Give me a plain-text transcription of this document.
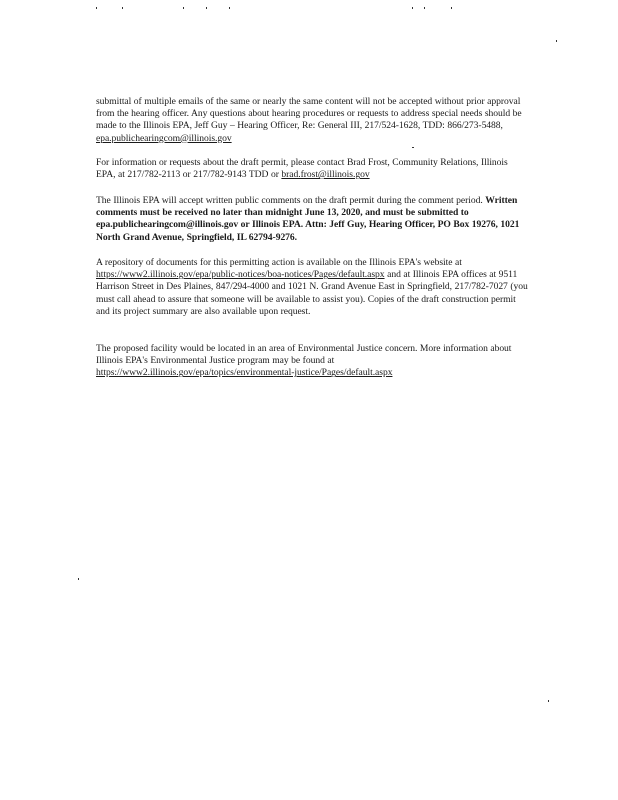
submittal of multiple emails of the same or nearly the same content will not be accepted without prior approval from the hearing officer. Any questions about hearing procedures or requests to address special needs should be made to the Illinois EPA, Jeff Guy – Hearing Officer, Re: General III, 217/524-1628, TDD: 866/273-5488, epa.publichearingcom@illinois.gov

For information or requests about the draft permit, please contact Brad Frost, Community Relations, Illinois EPA, at 217/782-2113 or 217/782-9143 TDD or brad.frost@illinois.gov

The Illinois EPA will accept written public comments on the draft permit during the comment period. Written comments must be received no later than midnight June 13, 2020, and must be submitted to epa.publichearingcom@illinois.gov or Illinois EPA. Attn: Jeff Guy, Hearing Officer, PO Box 19276, 1021 North Grand Avenue, Springfield, IL 62794-9276.

A repository of documents for this permitting action is available on the Illinois EPA's website at https://www2.illinois.gov/epa/public-notices/boa-notices/Pages/default.aspx and at Illinois EPA offices at 9511 Harrison Street in Des Plaines, 847/294-4000 and 1021 N. Grand Avenue East in Springfield, 217/782-7027 (you must call ahead to assure that someone will be available to assist you). Copies of the draft construction permit and its project summary are also available upon request.

The proposed facility would be located in an area of Environmental Justice concern. More information about Illinois EPA's Environmental Justice program may be found at https://www2.illinois.gov/epa/topics/environmental-justice/Pages/default.aspx
